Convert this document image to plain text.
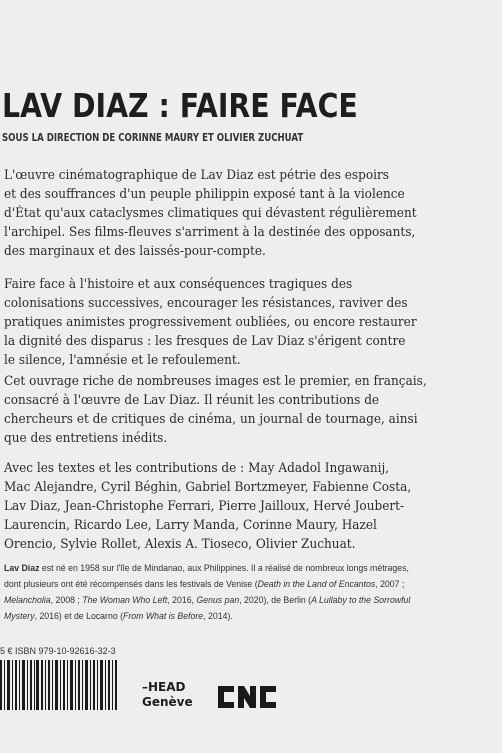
LAV DIAZ : FAIRE FACE
SOUS LA DIRECTION DE CORINNE MAURY ET OLIVIER ZUCHUAT
L'œuvre cinématographique de Lav Diaz est pétrie des espoirs
et des souffrances d'un peuple philippin exposé tant à la violence
d'État qu'aux cataclysmes climatiques qui dévastent régulièrement
l'archipel. Ses films-fleuves s'arriment à la destinée des opposants,
des marginaux et des laissés-pour-compte.
Faire face à l'histoire et aux conséquences tragiques des
colonisations successives, encourager les résistances, raviver des
pratiques animistes progressivement oubliées, ou encore restaurer
la dignité des disparus : les fresques de Lav Diaz s'érigent contre
le silence, l'amnésie et le refoulement.
Cet ouvrage riche de nombreuses images est le premier, en français,
consacré à l'œuvre de Lav Diaz. Il réunit les contributions de
chercheurs et de critiques de cinéma, un journal de tournage, ainsi
que des entretiens inédits.
Avec les textes et les contributions de : May Adadol Ingawanij,
Mac Alejandre, Cyril Béghin, Gabriel Bortzmeyer, Fabienne Costa,
Lav Diaz, Jean-Christophe Ferrari, Pierre Jailloux, Hervé Joubert-
Laurencin, Ricardo Lee, Larry Manda, Corinne Maury, Hazel
Orencio, Sylvie Rollet, Alexis A. Tioseco, Olivier Zuchuat.
Lav Diaz est né en 1958 sur l'île de Mindanao, aux Philippines. Il a réalisé de nombreux longs métrages,
dont plusieurs ont été récompensés dans les festivals de Venise (Death in the Land of Encantos, 2007 ;
Melancholia, 2008 ; The Woman Who Left, 2016, Genus pan, 2020), de Berlin (A Lullaby to the Sorrowful
Mystery, 2016) et de Locarno (From What is Before, 2014).
5 € ISBN 979-10-92616-32-3
–HEAD
Genève
